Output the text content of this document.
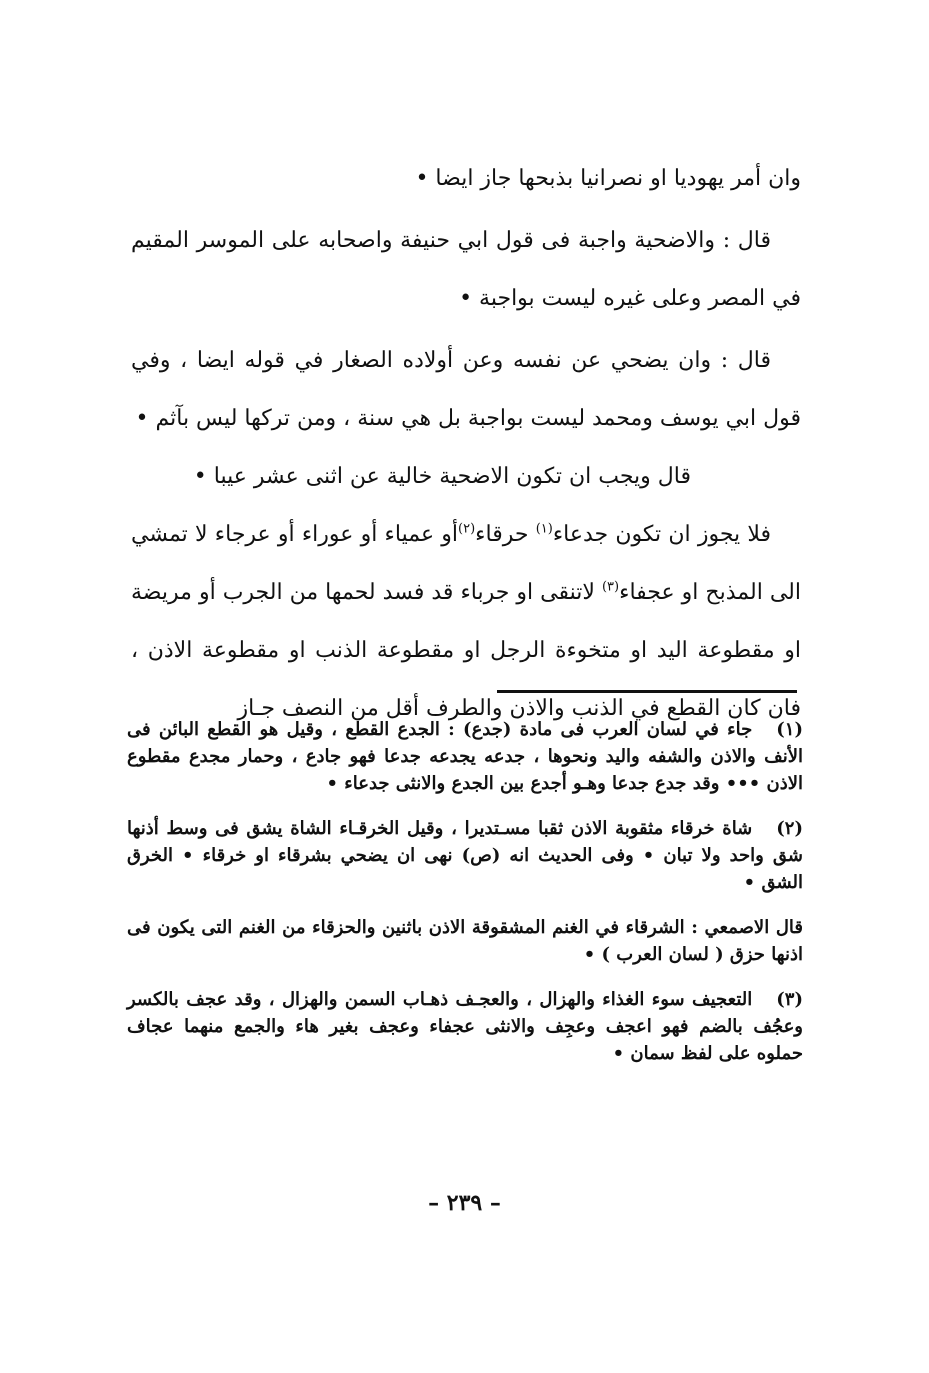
وان أمر يهوديا او نصرانيا بذبحها جاز ايضا •

قال : والاضحية واجبة فى قول ابي حنيفة واصحابه على الموسر المقيم في المصر وعلى غيره ليست بواجبة •

قال : وان يضحي عن نفسه وعن أولاده الصغار في قوله ايضا ، وفي قول ابي يوسف ومحمد ليست بواجبة بل هي سنة ، ومن تركها ليس بآثم •

قال ويجب ان تكون الاضحية خالية عن اثنى عشر عيبا •

فلا يجوز ان تكون جدعاء$^{(١)}$ حرقاء$^{(٢)}$أو عمياء أو عوراء أو عرجاء لا تمشي الى المذبح او عجفاء$^{(٣)}$ لاتنقى او جرباء قد فسد لحمها من الجرب أو مريضة او مقطوعة اليد او متخوءة الرجل او مقطوعة الذنب او مقطوعة الاذن ، فان كان القطع في الذنب والاذن والطرف أقل من النصف جـاز

(١)جاء في لسان العرب فى مادة (جدع) : الجدع القطع ، وقيل هو القطع البائن فى الأنف والاذن والشفه واليد ونحوها ، جدعه يجدعه جدعا فهو جادع ، وحمار مجدع مقطوع الاذن ••• وقد جدع جدعا وهـو أجدع بين الجدع والانثى جدعاء •

(٢)شاة خرقاء مثقوبة الاذن ثقبا مسـتديرا ، وقيل الخرقـاء الشاة يشق فى وسط أذنها شق واحد ولا تبان • وفى الحديث انه (ص) نهى ان يضحي بشرقاء او خرقاء • الخرق الشق •

قال الاصمعي : الشرقاء في الغنم المشقوقة الاذن باثنين والحزقاء من الغنم التى يكون فى اذنها حزق ( لسان العرب ) •

(٣)التعجيف سوء الغذاء والهزال ، والعجـف ذهـاب السمن والهزال ، وقد عجف بالكسر وعجُف بالضم فهو اعجف وعجِف والانثى عجفاء وعجف بغير هاء والجمع منهما عجاف حملوه على لفظ سمان •

– ٢٣٩ –
